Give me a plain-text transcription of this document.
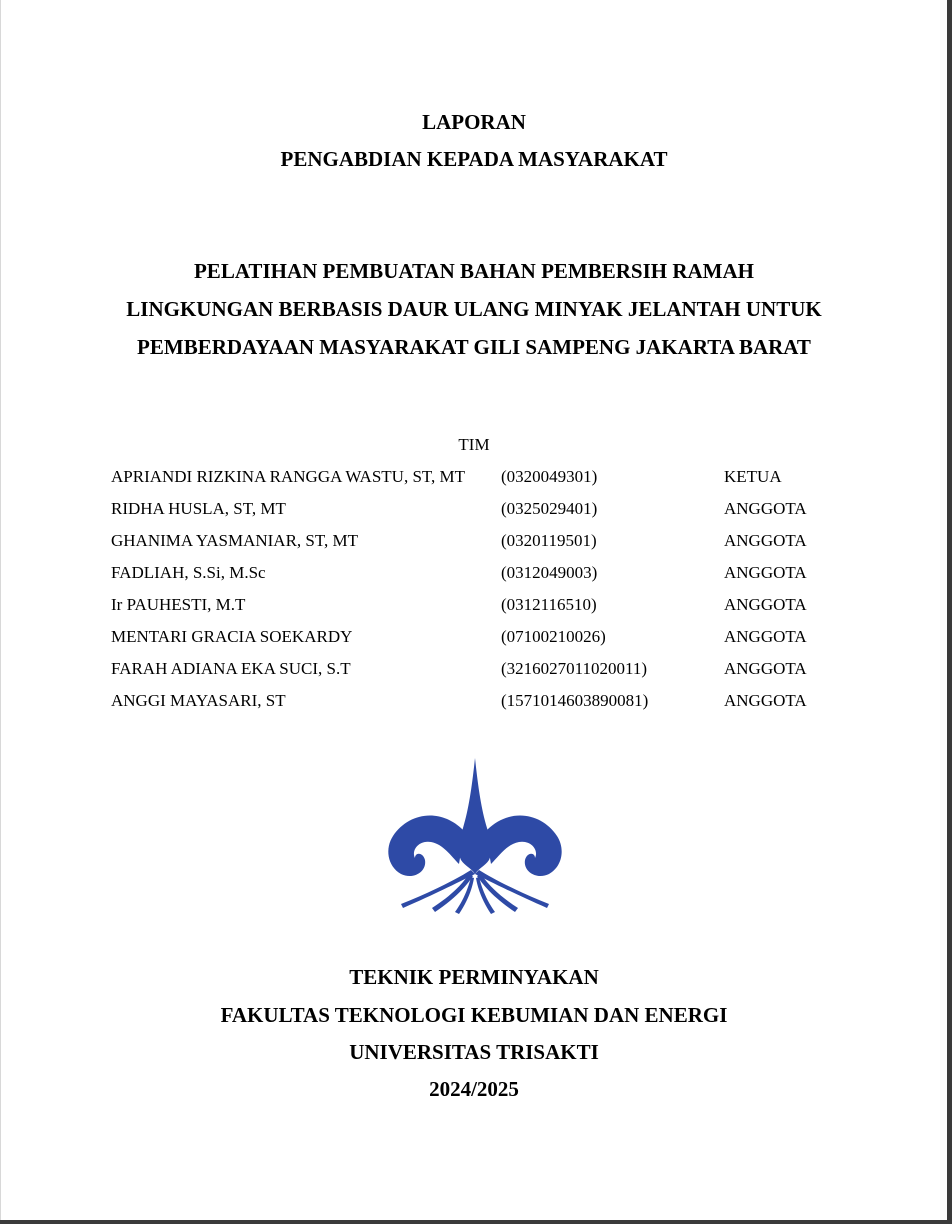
LAPORAN
PENGABDIAN KEPADA MASYARAKAT
PELATIHAN PEMBUATAN BAHAN PEMBERSIH RAMAH
LINGKUNGAN BERBASIS DAUR ULANG MINYAK JELANTAH UNTUK
PEMBERDAYAAN MASYARAKAT GILI SAMPENG JAKARTA BARAT
TIM
APRIANDI RIZKINA RANGGA WASTU, ST, MT (0320049301)	KETUA
RIDHA HUSLA, ST, MT	(0325029401)	ANGGOTA
GHANIMA YASMANIAR, ST, MT	(0320119501)	ANGGOTA
FADLIAH, S.Si, M.Sc	(0312049003)	ANGGOTA
Ir PAUHESTI, M.T	(0312116510)	ANGGOTA
MENTARI GRACIA SOEKARDY	(07100210026)	ANGGOTA
FARAH ADIANA EKA SUCI, S.T	(3216027011020011)	ANGGOTA
ANGGI MAYASARI, ST	(1571014603890081)	ANGGOTA
TEKNIK PERMINYAKAN
FAKULTAS TEKNOLOGI KEBUMIAN DAN ENERGI
UNIVERSITAS TRISAKTI
2024/2025
